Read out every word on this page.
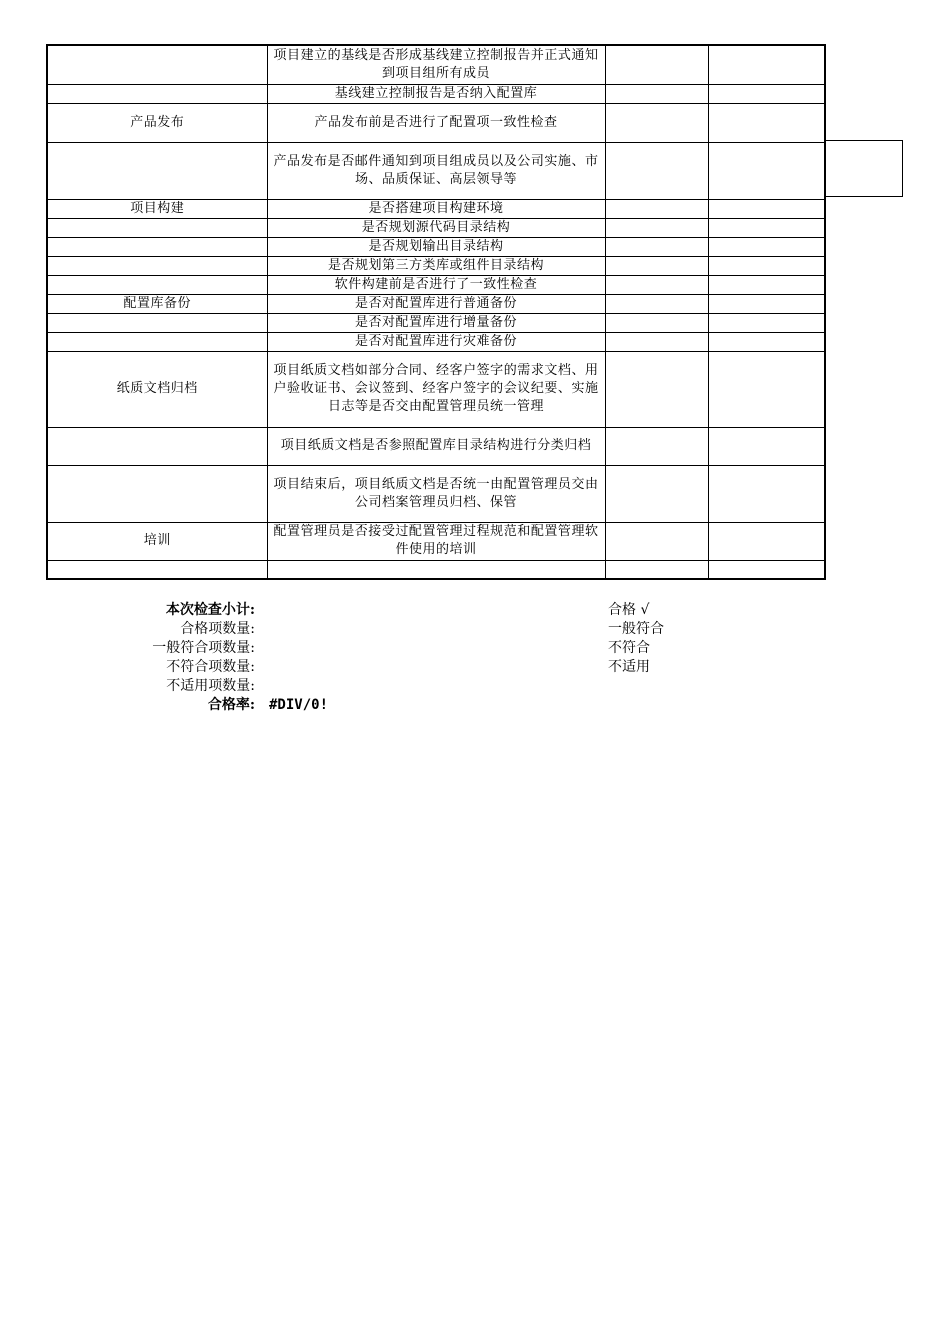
	项目建立的基线是否形成基线建立控制报告并正式通知到项目组所有成员		
	基线建立控制报告是否纳入配置库		
产品发布	产品发布前是否进行了配置项一致性检查		
	产品发布是否邮件通知到项目组成员以及公司实施、市场、品质保证、高层领导等		
项目构建	是否搭建项目构建环境		
	是否规划源代码目录结构		
	是否规划输出目录结构		
	是否规划第三方类库或组件目录结构		
	软件构建前是否进行了一致性检查		
配置库备份	是否对配置库进行普通备份		
	是否对配置库进行增量备份		
	是否对配置库进行灾难备份		
纸质文档归档	项目纸质文档如部分合同、经客户签字的需求文档、用户验收证书、会议签到、经客户签字的会议纪要、实施日志等是否交由配置管理员统一管理		
	项目纸质文档是否参照配置库目录结构进行分类归档		
	项目结束后，项目纸质文档是否统一由配置管理员交由公司档案管理员归档、保管		
培训	配置管理员是否接受过配置管理过程规范和配置管理软件使用的培训		

本次检查小计:
合格项数量:
一般符合项数量:
不符合项数量:
不适用项数量:
合格率: #DIV/0!
合格 √
一般符合
不符合
不适用
